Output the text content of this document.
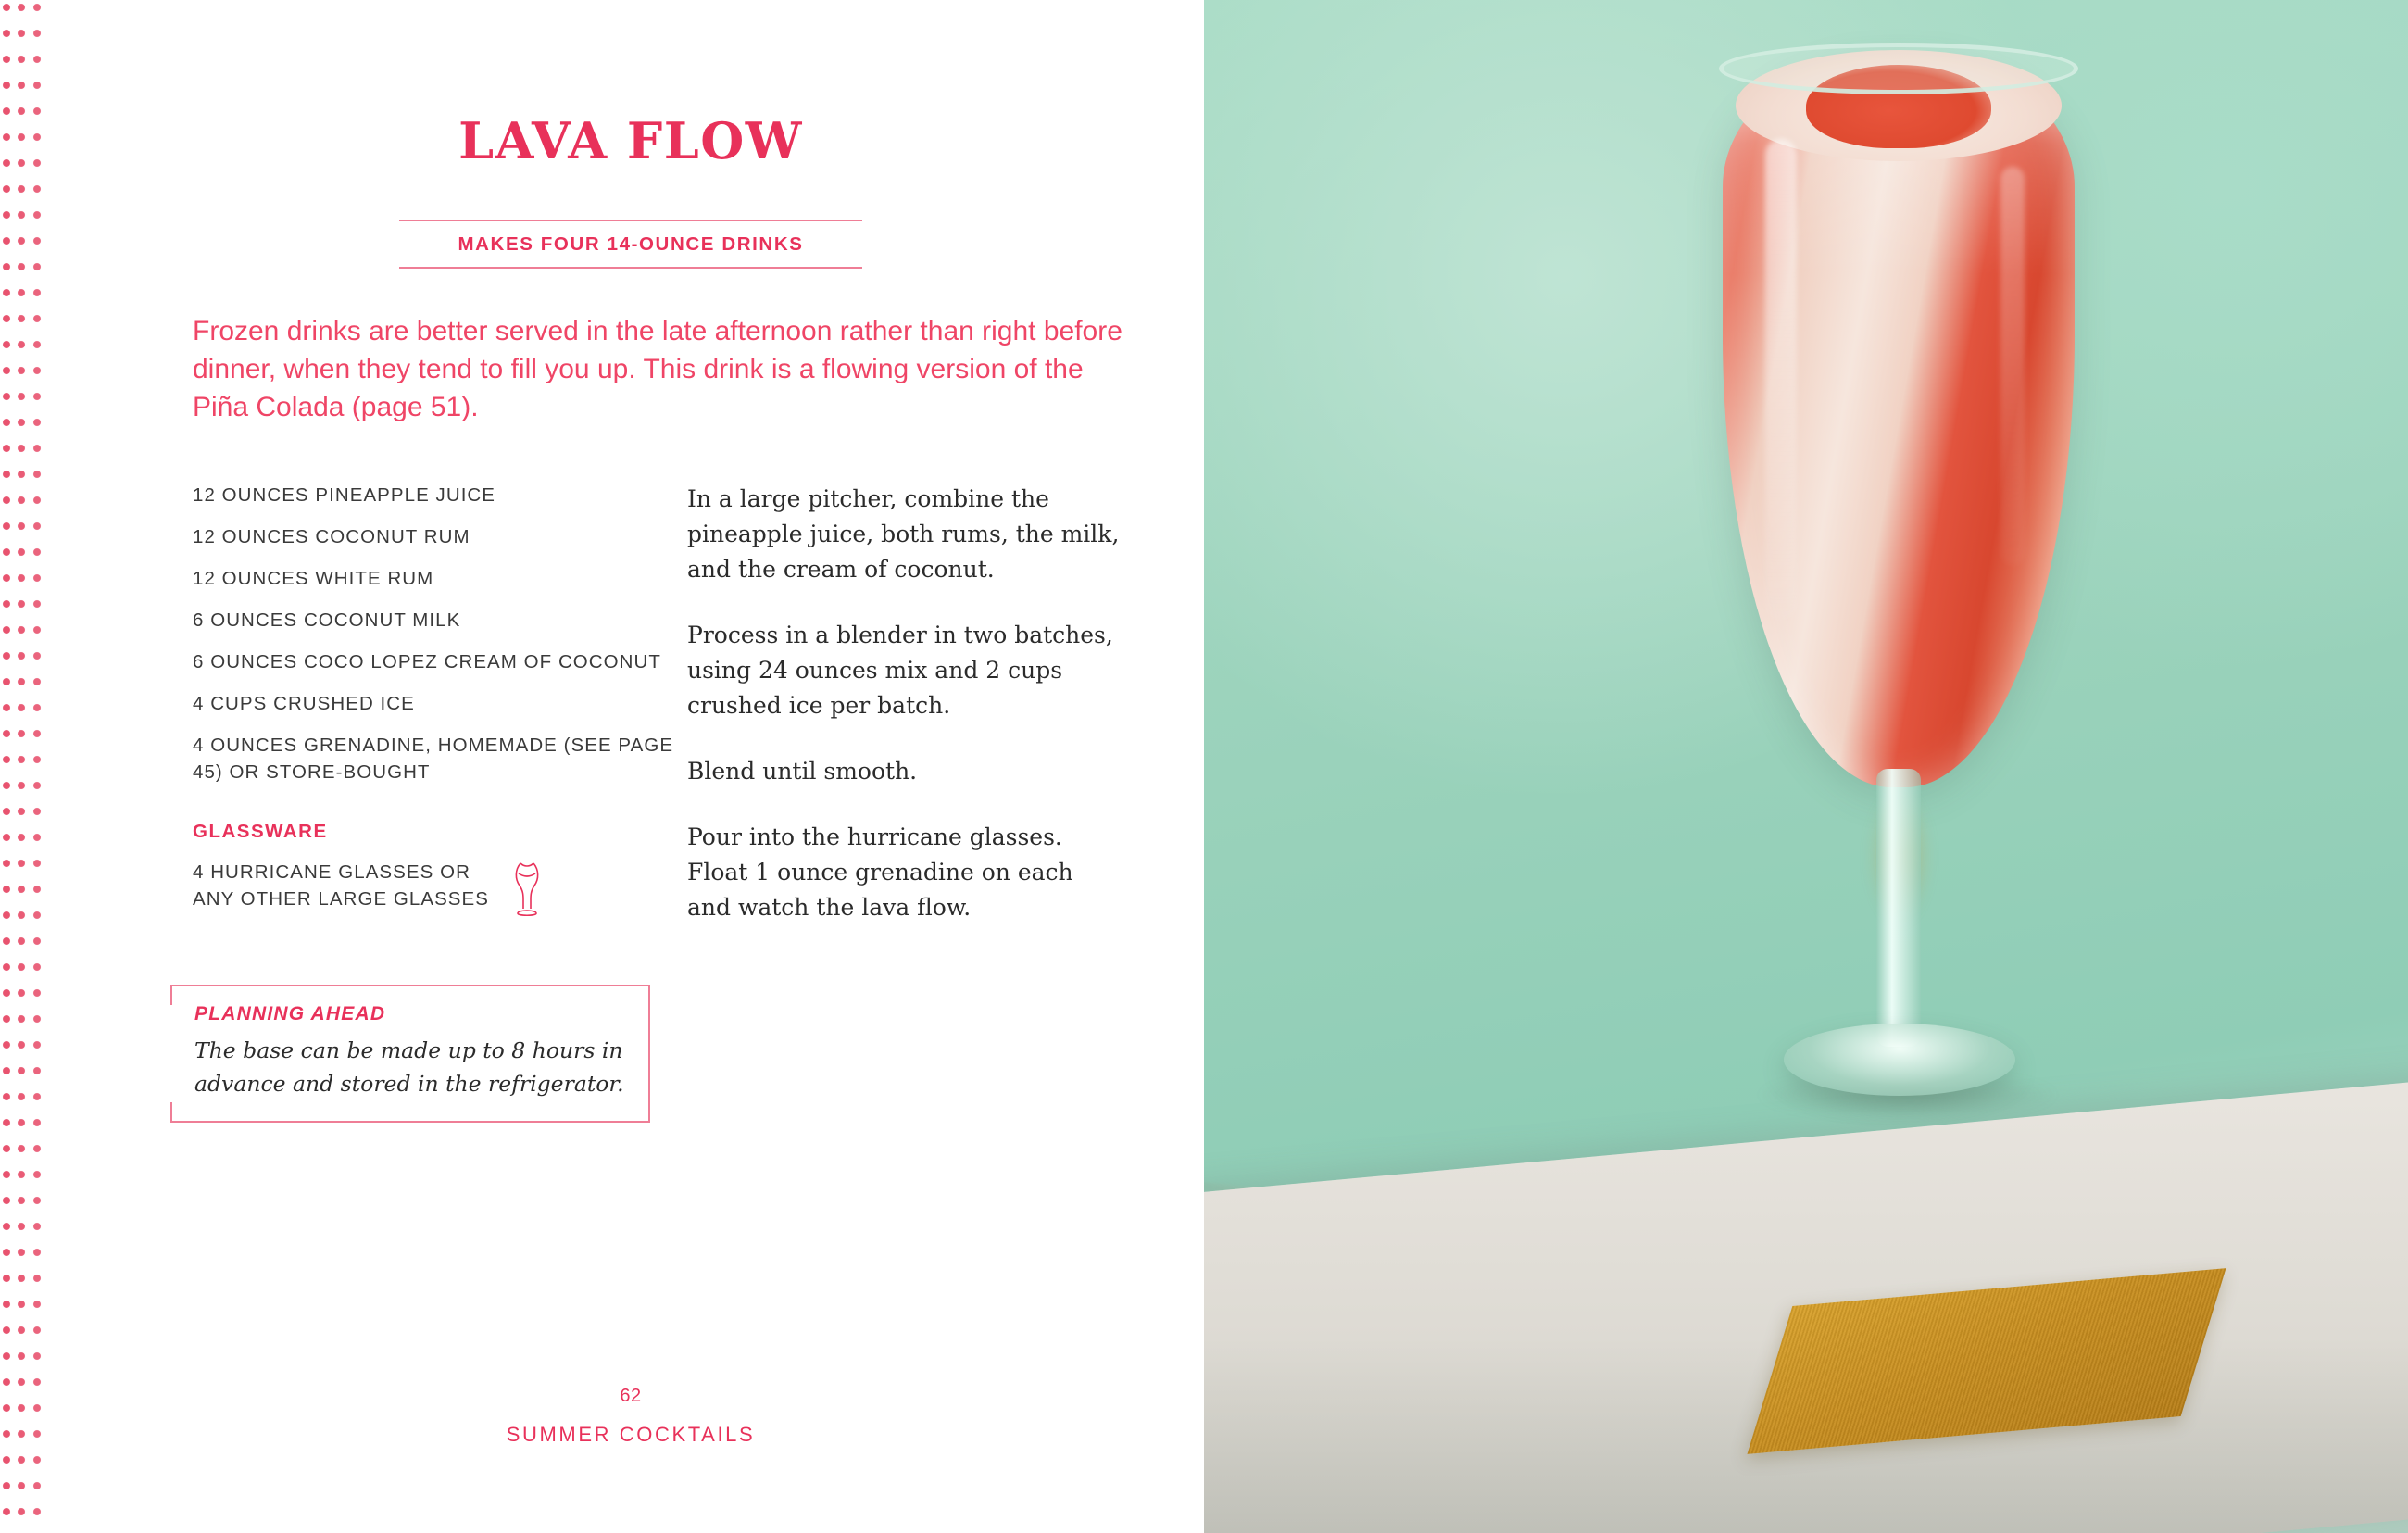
LAVA FLOW
MAKES FOUR 14-OUNCE DRINKS
Frozen drinks are better served in the late afternoon rather than right before dinner, when they tend to fill you up. This drink is a flowing version of the Piña Colada (page 51).
12 OUNCES PINEAPPLE JUICE
12 OUNCES COCONUT RUM
12 OUNCES WHITE RUM
6 OUNCES COCONUT MILK
6 OUNCES COCO LOPEZ CREAM OF COCONUT
4 CUPS CRUSHED ICE
4 OUNCES GRENADINE, HOMEMADE (SEE PAGE 45) OR STORE-BOUGHT
GLASSWARE
4 HURRICANE GLASSES OR ANY OTHER LARGE GLASSES

In a large pitcher, combine the pineapple juice, both rums, the milk, and the cream of coconut.

Process in a blender in two batches, using 24 ounces mix and 2 cups crushed ice per batch.

Blend until smooth.

Pour into the hurricane glasses. Float 1 ounce grenadine on each and watch the lava flow.

PLANNING AHEAD
The base can be made up to 8 hours in advance and stored in the refrigerator.
62
SUMMER COCKTAILS
